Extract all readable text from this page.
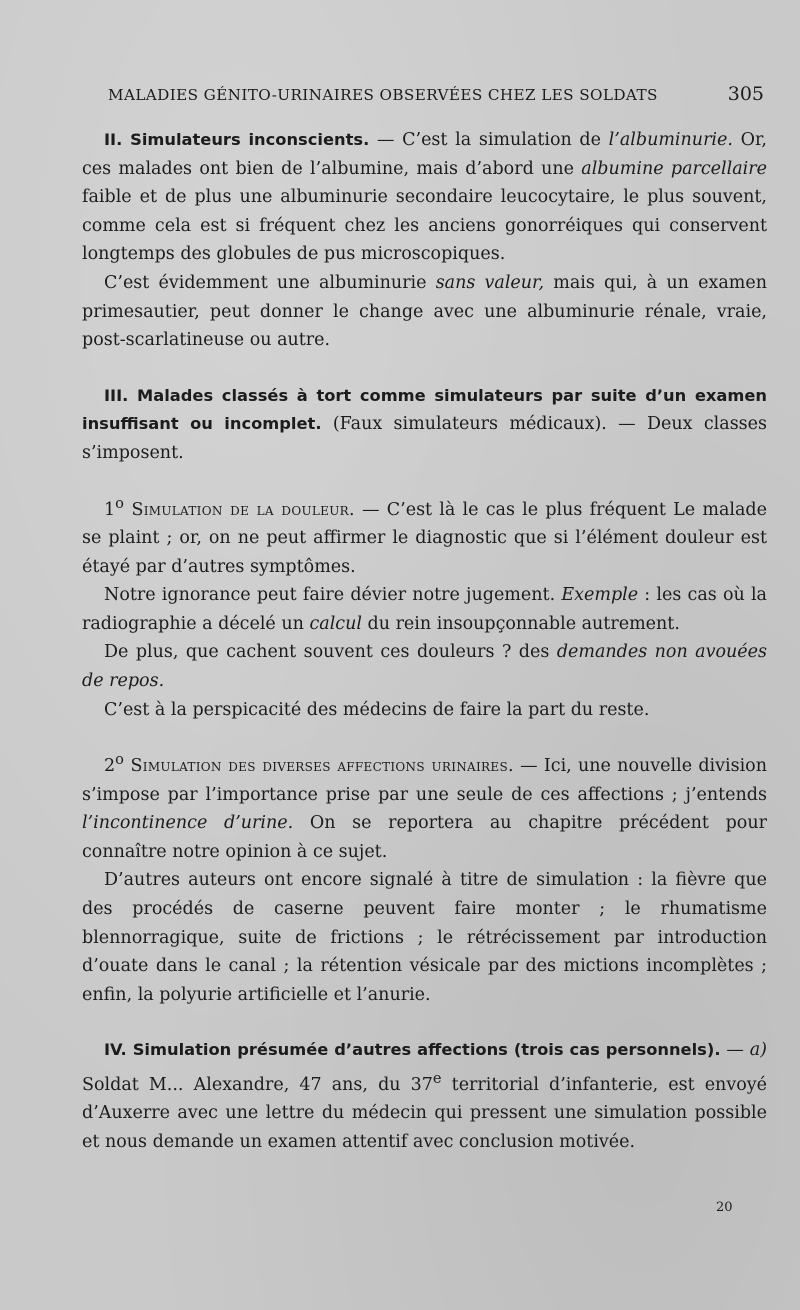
MALADIES GÉNITO-URINAIRES OBSERVÉES CHEZ LES SOLDATS	305

II. Simulateurs inconscients. — C’est la simulation de l’albuminurie. Or, ces malades ont bien de l’albumine, mais d’abord une albumine parcellaire faible et de plus une albuminurie secondaire leucocytaire, le plus souvent, comme cela est si fréquent chez les anciens gonorréiques qui conservent longtemps des globules de pus microscopiques.

C’est évidemment une albuminurie sans valeur, mais qui, à un examen primesautier, peut donner le change avec une albuminurie rénale, vraie, post-scarlatineuse ou autre.

III. Malades classés à tort comme simulateurs par suite d’un examen insuffisant ou incomplet. (Faux simulateurs médicaux). — Deux classes s’imposent.

1$^o$ Simulation de la douleur. — C’est là le cas le plus fréquent Le malade se plaint ; or, on ne peut affirmer le diagnostic que si l’élément douleur est étayé par d’autres symptômes.

Notre ignorance peut faire dévier notre jugement. Exemple : les cas où la radiographie a décelé un calcul du rein insoupçonnable autrement.

De plus, que cachent souvent ces douleurs ? des demandes non avouées de repos.

C’est à la perspicacité des médecins de faire la part du reste.

2$^o$ Simulation des diverses affections urinaires. — Ici, une nouvelle division s’impose par l’importance prise par une seule de ces affections ; j’entends l’incontinence d’urine. On se reportera au chapitre précédent pour connaître notre opinion à ce sujet.

D’autres auteurs ont encore signalé à titre de simulation : la fièvre que des procédés de caserne peuvent faire monter ; le rhumatisme blennorragique, suite de frictions ; le rétrécissement par introduction d’ouate dans le canal ; la rétention vésicale par des mictions incomplètes ; enfin, la polyurie artificielle et l’anurie.

IV. Simulation présumée d’autres affections (trois cas personnels). — a) Soldat M... Alexandre, 47 ans, du 37e territorial d’infanterie, est envoyé d’Auxerre avec une lettre du médecin qui pressent une simulation possible et nous demande un examen attentif avec conclusion motivée.

20
